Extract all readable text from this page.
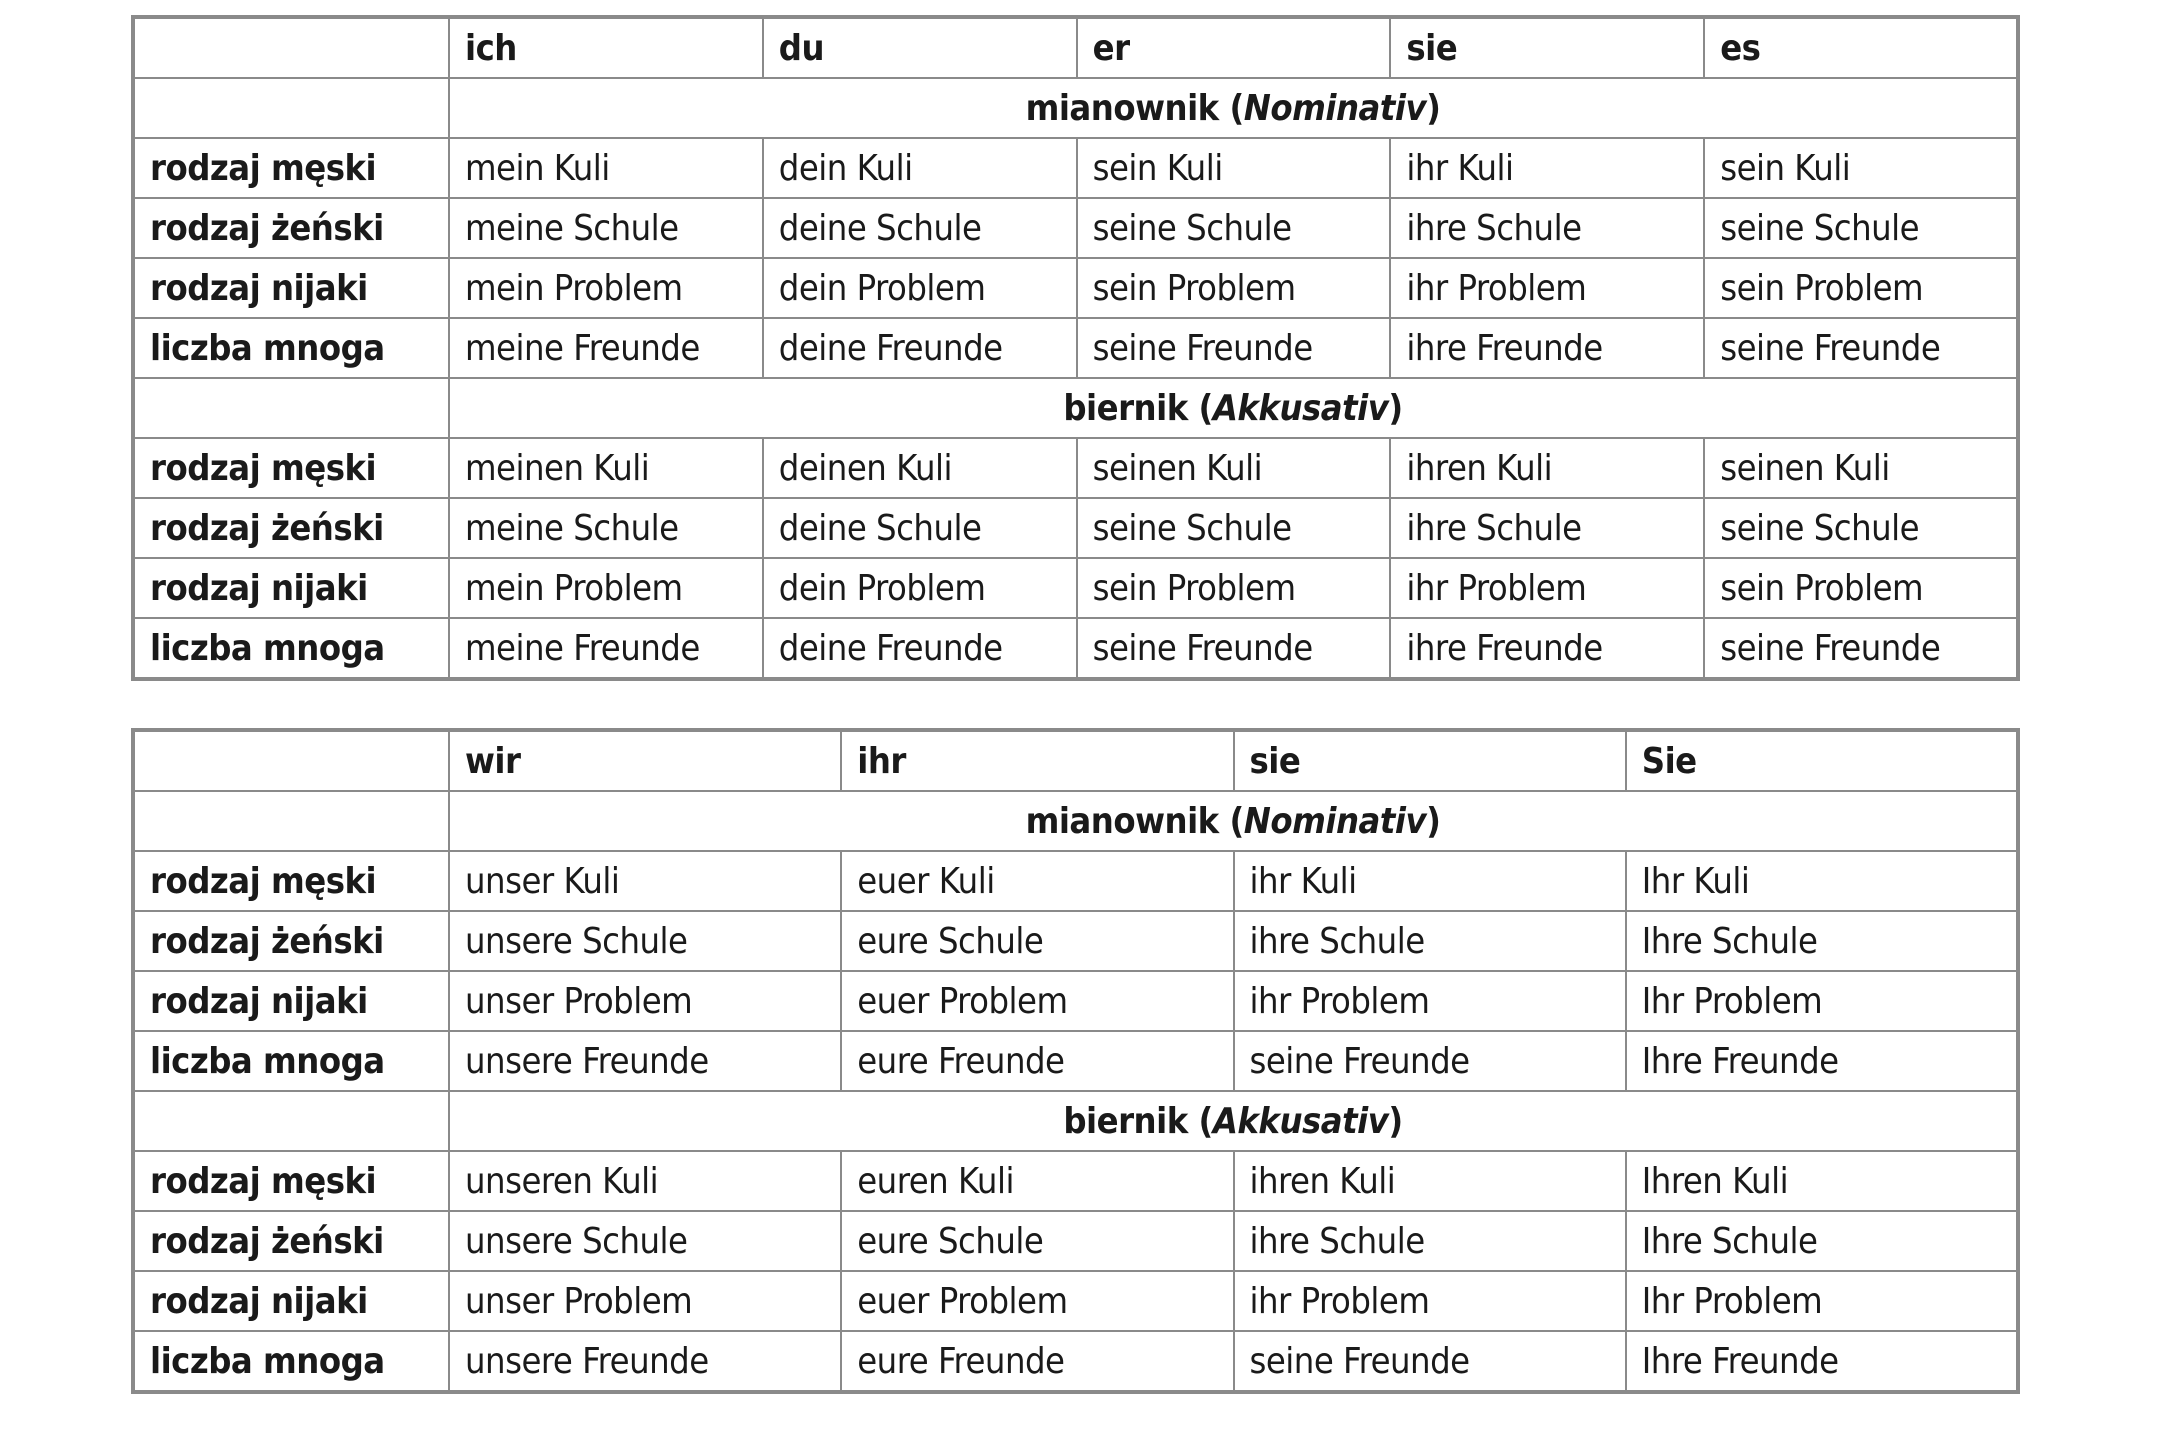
	ich	du	er	sie	es
	mianownik (Nominativ)				
rodzaj męski	mein Kuli	dein Kuli	sein Kuli	ihr Kuli	sein Kuli
rodzaj żeński	meine Schule	deine Schule	seine Schule	ihre Schule	seine Schule
rodzaj nijaki	mein Problem	dein Problem	sein Problem	ihr Problem	sein Problem
liczba mnoga	meine Freunde	deine Freunde	seine Freunde	ihre Freunde	seine Freunde
	biernik (Akkusativ)				
rodzaj męski	meinen Kuli	deinen Kuli	seinen Kuli	ihren Kuli	seinen Kuli
rodzaj żeński	meine Schule	deine Schule	seine Schule	ihre Schule	seine Schule
rodzaj nijaki	mein Problem	dein Problem	sein Problem	ihr Problem	sein Problem
liczba mnoga	meine Freunde	deine Freunde	seine Freunde	ihre Freunde	seine Freunde
	wir	ihr	sie	Sie
	mianownik (Nominativ)			
rodzaj męski	unser Kuli	euer Kuli	ihr Kuli	Ihr Kuli
rodzaj żeński	unsere Schule	eure Schule	ihre Schule	Ihre Schule
rodzaj nijaki	unser Problem	euer Problem	ihr Problem	Ihr Problem
liczba mnoga	unsere Freunde	eure Freunde	seine Freunde	Ihre Freunde
	biernik (Akkusativ)			
rodzaj męski	unseren Kuli	euren Kuli	ihren Kuli	Ihren Kuli
rodzaj żeński	unsere Schule	eure Schule	ihre Schule	Ihre Schule
rodzaj nijaki	unser Problem	euer Problem	ihr Problem	Ihr Problem
liczba mnoga	unsere Freunde	eure Freunde	seine Freunde	Ihre Freunde
